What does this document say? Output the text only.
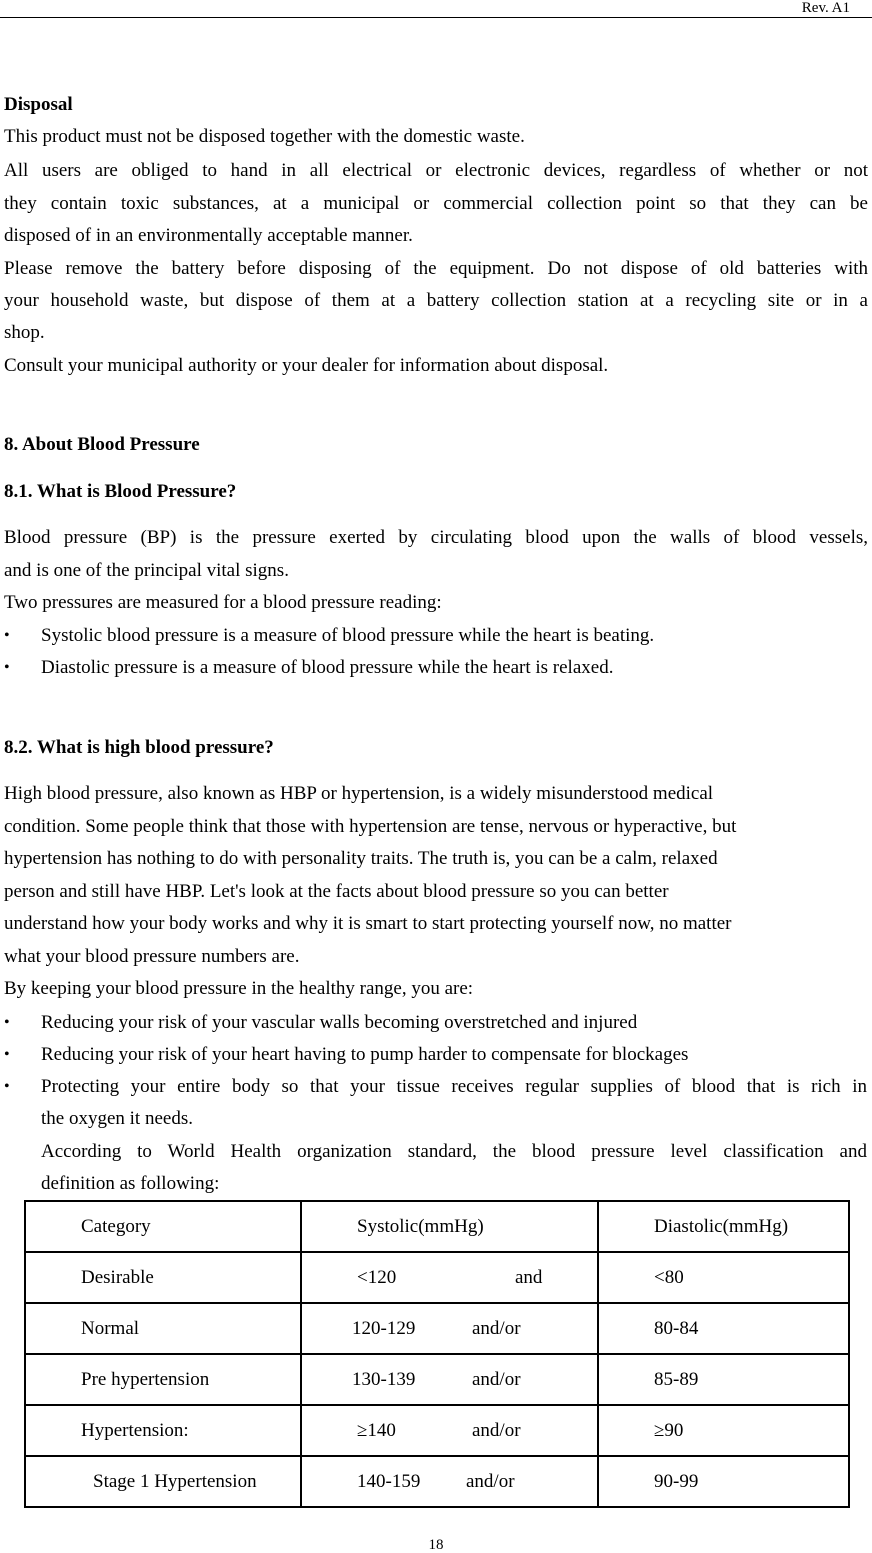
Rev. A1
Disposal
This product must not be disposed together with the domestic waste.
All users are obliged to hand in all electrical or electronic devices, regardless of whether or not
they contain toxic substances, at a municipal or commercial collection point so that they can be
disposed of in an environmentally acceptable manner.
Please remove the battery before disposing of the equipment. Do not dispose of old batteries with
your household waste, but dispose of them at a battery collection station at a recycling site or in a
shop.
Consult your municipal authority or your dealer for information about disposal.
8. About Blood Pressure
8.1. What is Blood Pressure?
Blood pressure (BP) is the pressure exerted by circulating blood upon the walls of blood vessels,
and is one of the principal vital signs.
Two pressures are measured for a blood pressure reading:
• Systolic blood pressure is a measure of blood pressure while the heart is beating.
• Diastolic pressure is a measure of blood pressure while the heart is relaxed.
8.2. What is high blood pressure?
High blood pressure, also known as HBP or hypertension, is a widely misunderstood medical
condition. Some people think that those with hypertension are tense, nervous or hyperactive, but
hypertension has nothing to do with personality traits. The truth is, you can be a calm, relaxed
person and still have HBP. Let's look at the facts about blood pressure so you can better
understand how your body works and why it is smart to start protecting yourself now, no matter
what your blood pressure numbers are.
By keeping your blood pressure in the healthy range, you are:
• Reducing your risk of your vascular walls becoming overstretched and injured
• Reducing your risk of your heart having to pump harder to compensate for blockages
• Protecting your entire body so that your tissue receives regular supplies of blood that is rich in
the oxygen it needs.
According to World Health organization standard, the blood pressure level classification and
definition as following:
Category	Systolic(mmHg)	Diastolic(mmHg)
Desirable	<120 and	<80
Normal	120-129 and/or	80-84
Pre hypertension	130-139 and/or	85-89
Hypertension:	≥140 and/or	≥90
Stage 1 Hypertension	140-159 and/or	90-99
18
